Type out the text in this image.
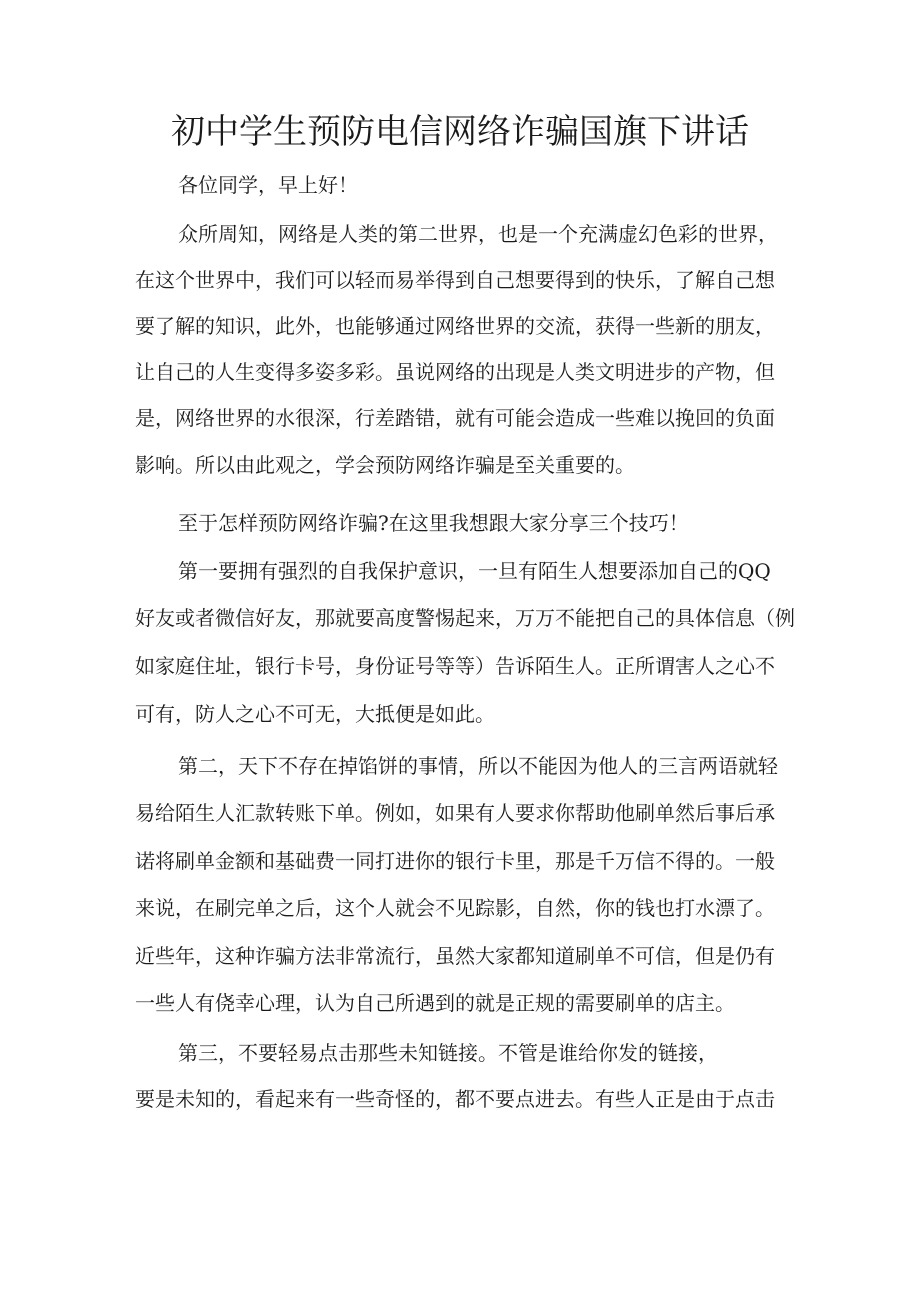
初中学生预防电信网络诈骗国旗下讲话

各位同学，早上好！

众所周知，网络是人类的第二世界，也是一个充满虚幻色彩的世界，

在这个世界中，我们可以轻而易举得到自己想要得到的快乐，了解自己想

要了解的知识，此外，也能够通过网络世界的交流，获得一些新的朋友，

让自己的人生变得多姿多彩。虽说网络的出现是人类文明进步的产物，但

是，网络世界的水很深，行差踏错，就有可能会造成一些难以挽回的负面

影响。所以由此观之，学会预防网络诈骗是至关重要的。

至于怎样预防网络诈骗?在这里我想跟大家分享三个技巧！

第一要拥有强烈的自我保护意识，一旦有陌生人想要添加自己的QQ

好友或者微信好友，那就要高度警惕起来，万万不能把自己的具体信息（例

如家庭住址，银行卡号，身份证号等等）告诉陌生人。正所谓害人之心不

可有，防人之心不可无，大抵便是如此。

第二，天下不存在掉馅饼的事情，所以不能因为他人的三言两语就轻

易给陌生人汇款转账下单。例如，如果有人要求你帮助他刷单然后事后承

诺将刷单金额和基础费一同打进你的银行卡里，那是千万信不得的。一般

来说，在刷完单之后，这个人就会不见踪影，自然，你的钱也打水漂了。

近些年，这种诈骗方法非常流行，虽然大家都知道刷单不可信，但是仍有

一些人有侥幸心理，认为自己所遇到的就是正规的需要刷单的店主。

第三，不要轻易点击那些未知链接。不管是谁给你发的链接，

要是未知的，看起来有一些奇怪的，都不要点进去。有些人正是由于点击
